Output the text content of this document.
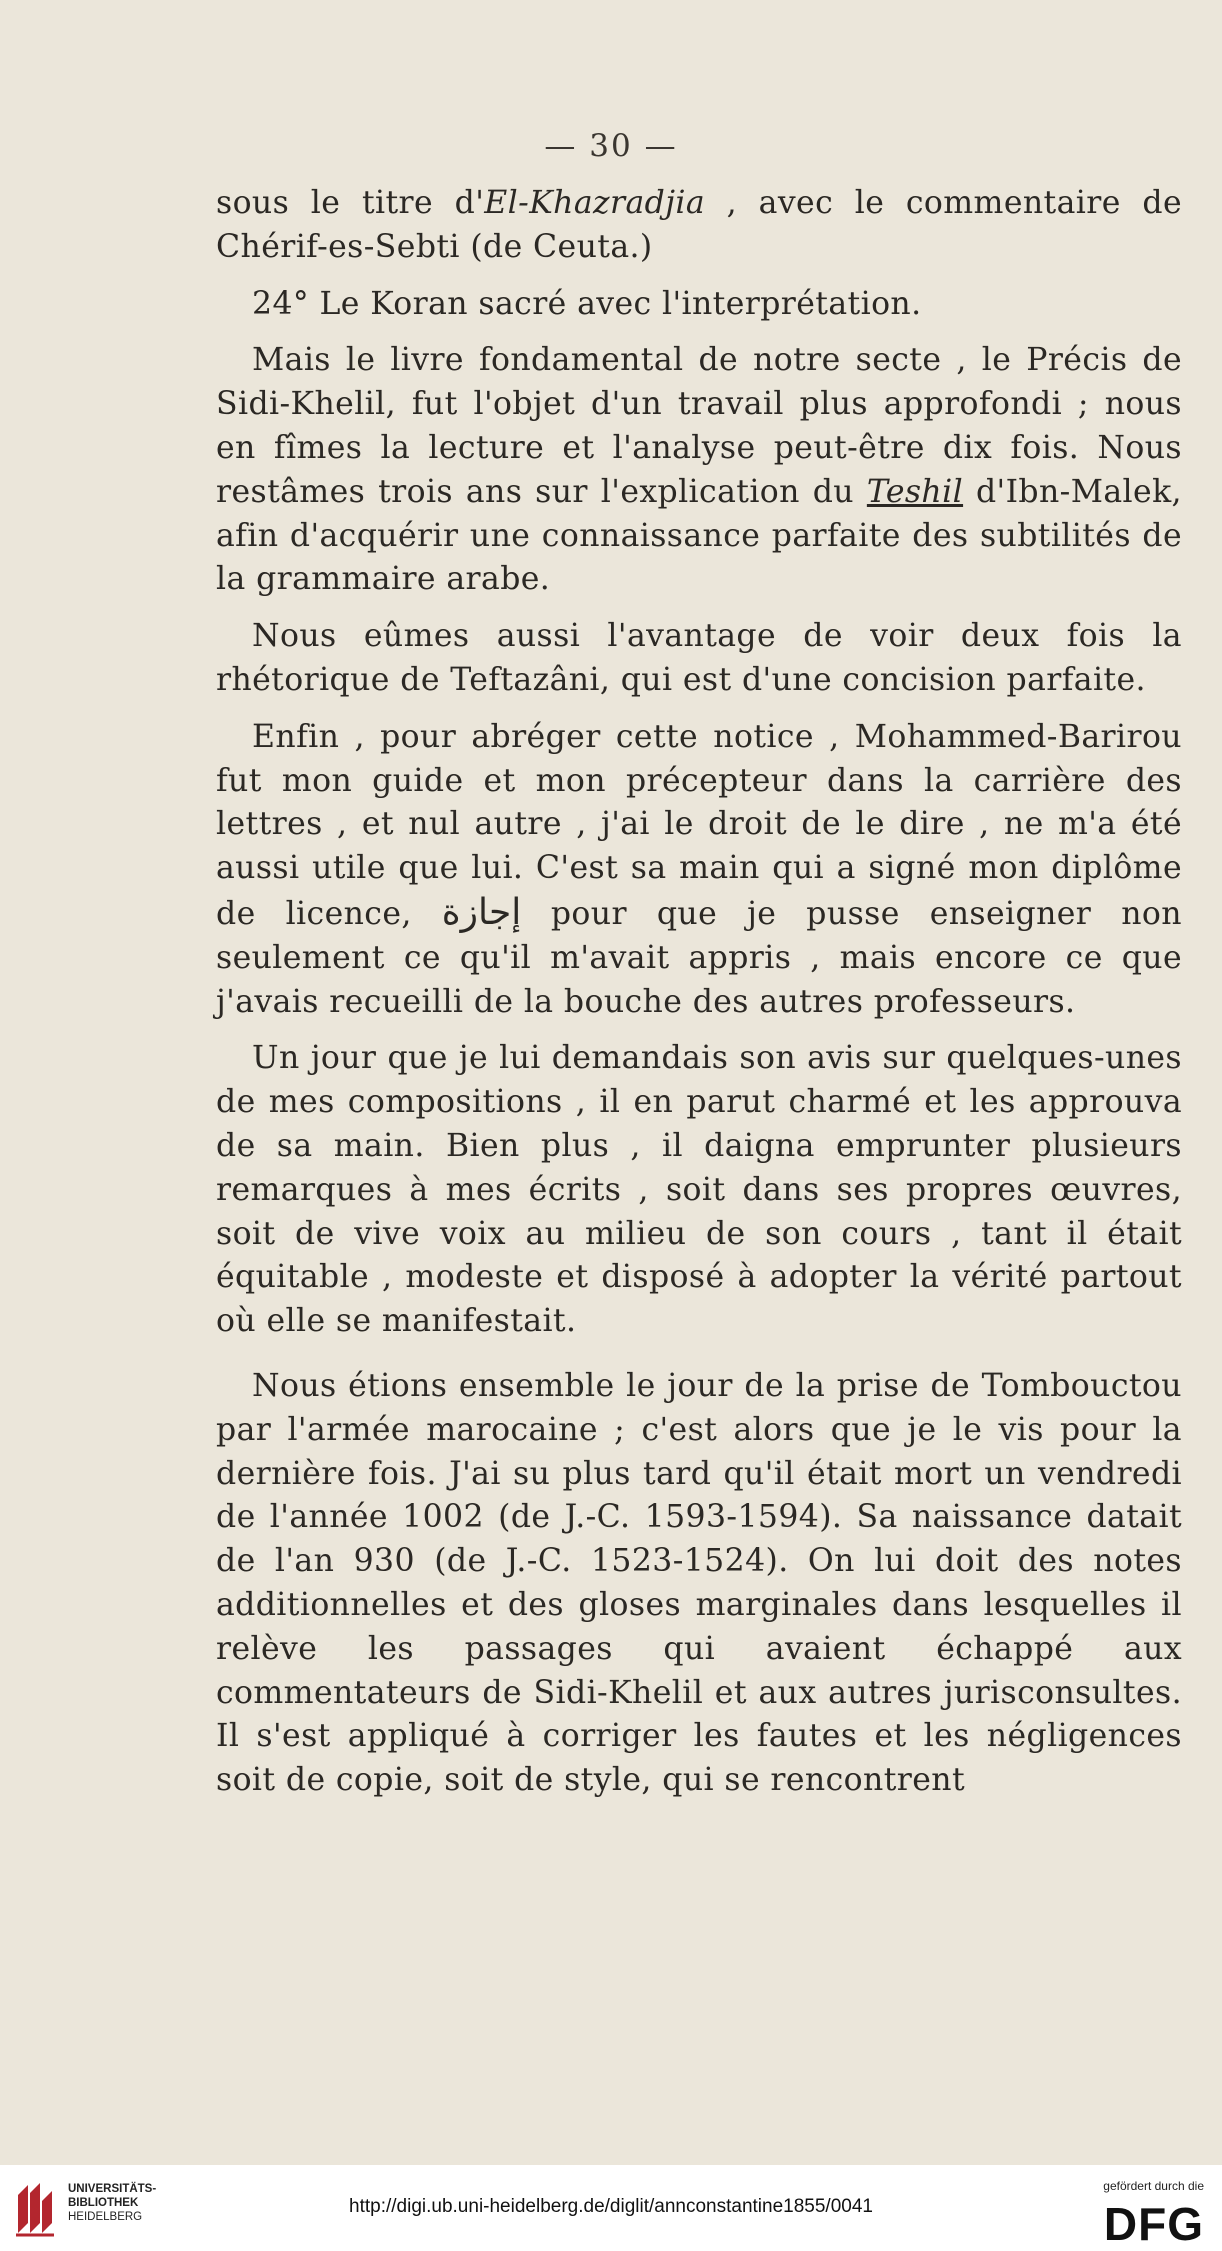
— 30 —

sous le titre d'El-Khazradjia , avec le commentaire de Chérif-es-Sebti (de Ceuta.)

24° Le Koran sacré avec l'interprétation.

Mais le livre fondamental de notre secte , le Précis de Sidi-Khelil, fut l'objet d'un travail plus approfondi ; nous en fîmes la lecture et l'analyse peut-être dix fois. Nous restâmes trois ans sur l'explication du Teshil d'Ibn-Malek, afin d'acquérir une connaissance parfaite des subtilités de la grammaire arabe.

Nous eûmes aussi l'avantage de voir deux fois la rhétorique de Teftazâni, qui est d'une concision parfaite.

Enfin , pour abréger cette notice , Mohammed-Barirou fut mon guide et mon précepteur dans la carrière des lettres , et nul autre , j'ai le droit de le dire , ne m'a été aussi utile que lui. C'est sa main qui a signé mon diplôme de licence, إجازة pour que je pusse enseigner non seulement ce qu'il m'avait appris , mais encore ce que j'avais recueilli de la bouche des autres professeurs.

Un jour que je lui demandais son avis sur quelques-unes de mes compositions , il en parut charmé et les approuva de sa main. Bien plus , il daigna emprunter plusieurs remarques à mes écrits , soit dans ses propres œuvres, soit de vive voix au milieu de son cours , tant il était équitable , modeste et disposé à adopter la vérité partout où elle se manifestait.

Nous étions ensemble le jour de la prise de Tombouctou par l'armée marocaine ; c'est alors que je le vis pour la dernière fois. J'ai su plus tard qu'il était mort un vendredi de l'année 1002 (de J.-C. 1593-1594). Sa naissance datait de l'an 930 (de J.-C. 1523-1524). On lui doit des notes additionnelles et des gloses marginales dans lesquelles il relève les passages qui avaient échappé aux commentateurs de Sidi-Khelil et aux autres jurisconsultes. Il s'est appliqué à corriger les fautes et les négligences soit de copie, soit de style, qui se rencontrent

UNIVERSITÄTS-
BIBLIOTHEK
HEIDELBERG	http://digi.ub.uni-heidelberg.de/diglit/annconstantine1855/0041
gefördert durch die
DFG
